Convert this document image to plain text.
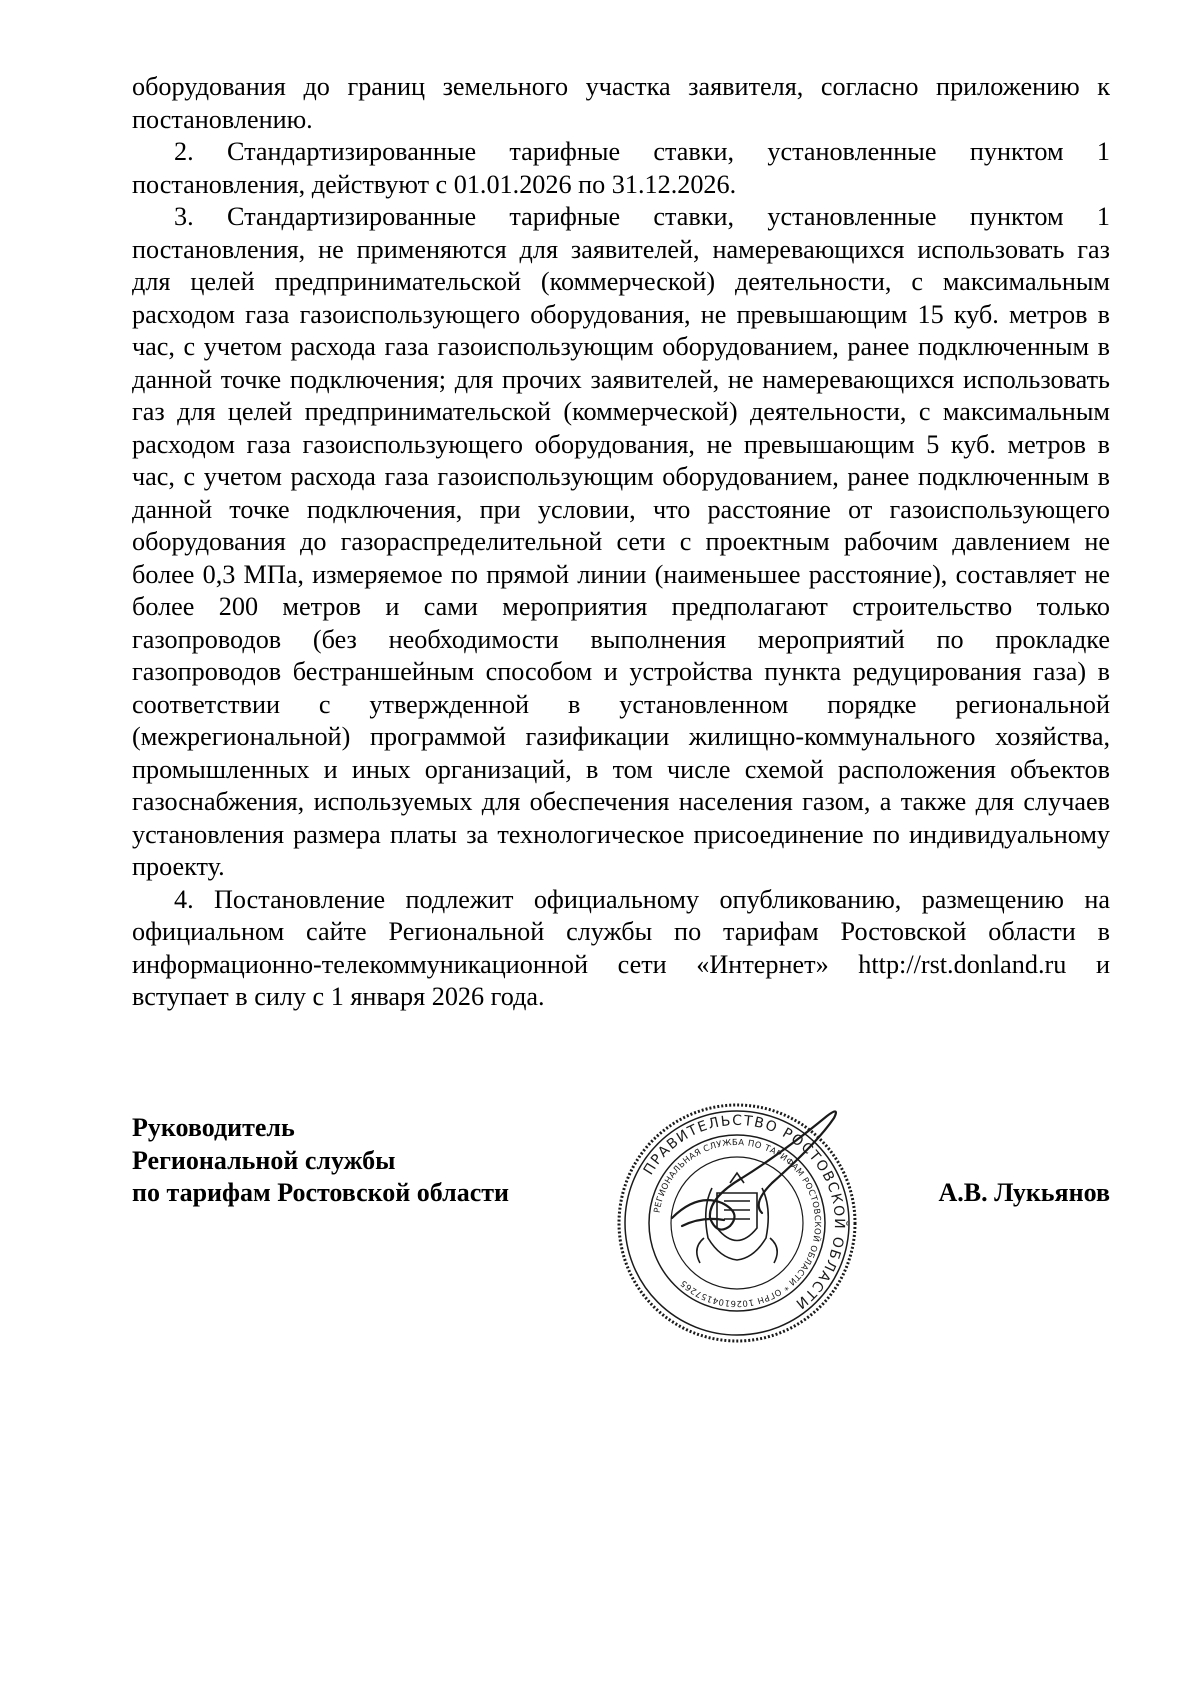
оборудования до границ земельного участка заявителя, согласно приложению к постановлению.

2. Стандартизированные тарифные ставки, установленные пунктом 1 постановления, действуют с 01.01.2026 по 31.12.2026.

3. Стандартизированные тарифные ставки, установленные пунктом 1 постановления, не применяются для заявителей, намеревающихся использовать газ для целей предпринимательской (коммерческой) деятельности, с максимальным расходом газа газоиспользующего оборудования, не превышающим 15 куб. метров в час, с учетом расхода газа газоиспользующим оборудованием, ранее подключенным в данной точке подключения; для прочих заявителей, не намеревающихся использовать газ для целей предпринимательской (коммерческой) деятельности, с максимальным расходом газа газоиспользующего оборудования, не превышающим 5 куб. метров в час, с учетом расхода газа газоиспользующим оборудованием, ранее подключенным в данной точке подключения, при условии, что расстояние от газоиспользующего оборудования до газораспределительной сети с проектным рабочим давлением не более 0,3 МПа, измеряемое по прямой линии (наименьшее расстояние), составляет не более 200 метров и сами мероприятия предполагают строительство только газопроводов (без необходимости выполнения мероприятий по прокладке газопроводов бестраншейным способом и устройства пункта редуцирования газа) в соответствии с утвержденной в установленном порядке региональной (межрегиональной) программой газификации жилищно-коммунального хозяйства, промышленных и иных организаций, в том числе схемой расположения объектов газоснабжения, используемых для обеспечения населения газом, а также для случаев установления размера платы за технологическое присоединение по индивидуальному проекту.

4. Постановление подлежит официальному опубликованию, размещению на официальном сайте Региональной службы по тарифам Ростовской области в информационно-телекоммуникационной сети «Интернет» http://rst.donland.ru и вступает в силу с 1 января 2026 года.

Руководитель
Региональной службы
по тарифам Ростовской области	А.В. Лукьянов
ПРАВИТЕЛЬСТВО РОСТОВСКОЙ ОБЛАСТИ
РЕГИОНАЛЬНАЯ СЛУЖБА ПО ТАРИФАМ РОСТОВСКОЙ ОБЛАСТИ * ОГРН 1026104157265
